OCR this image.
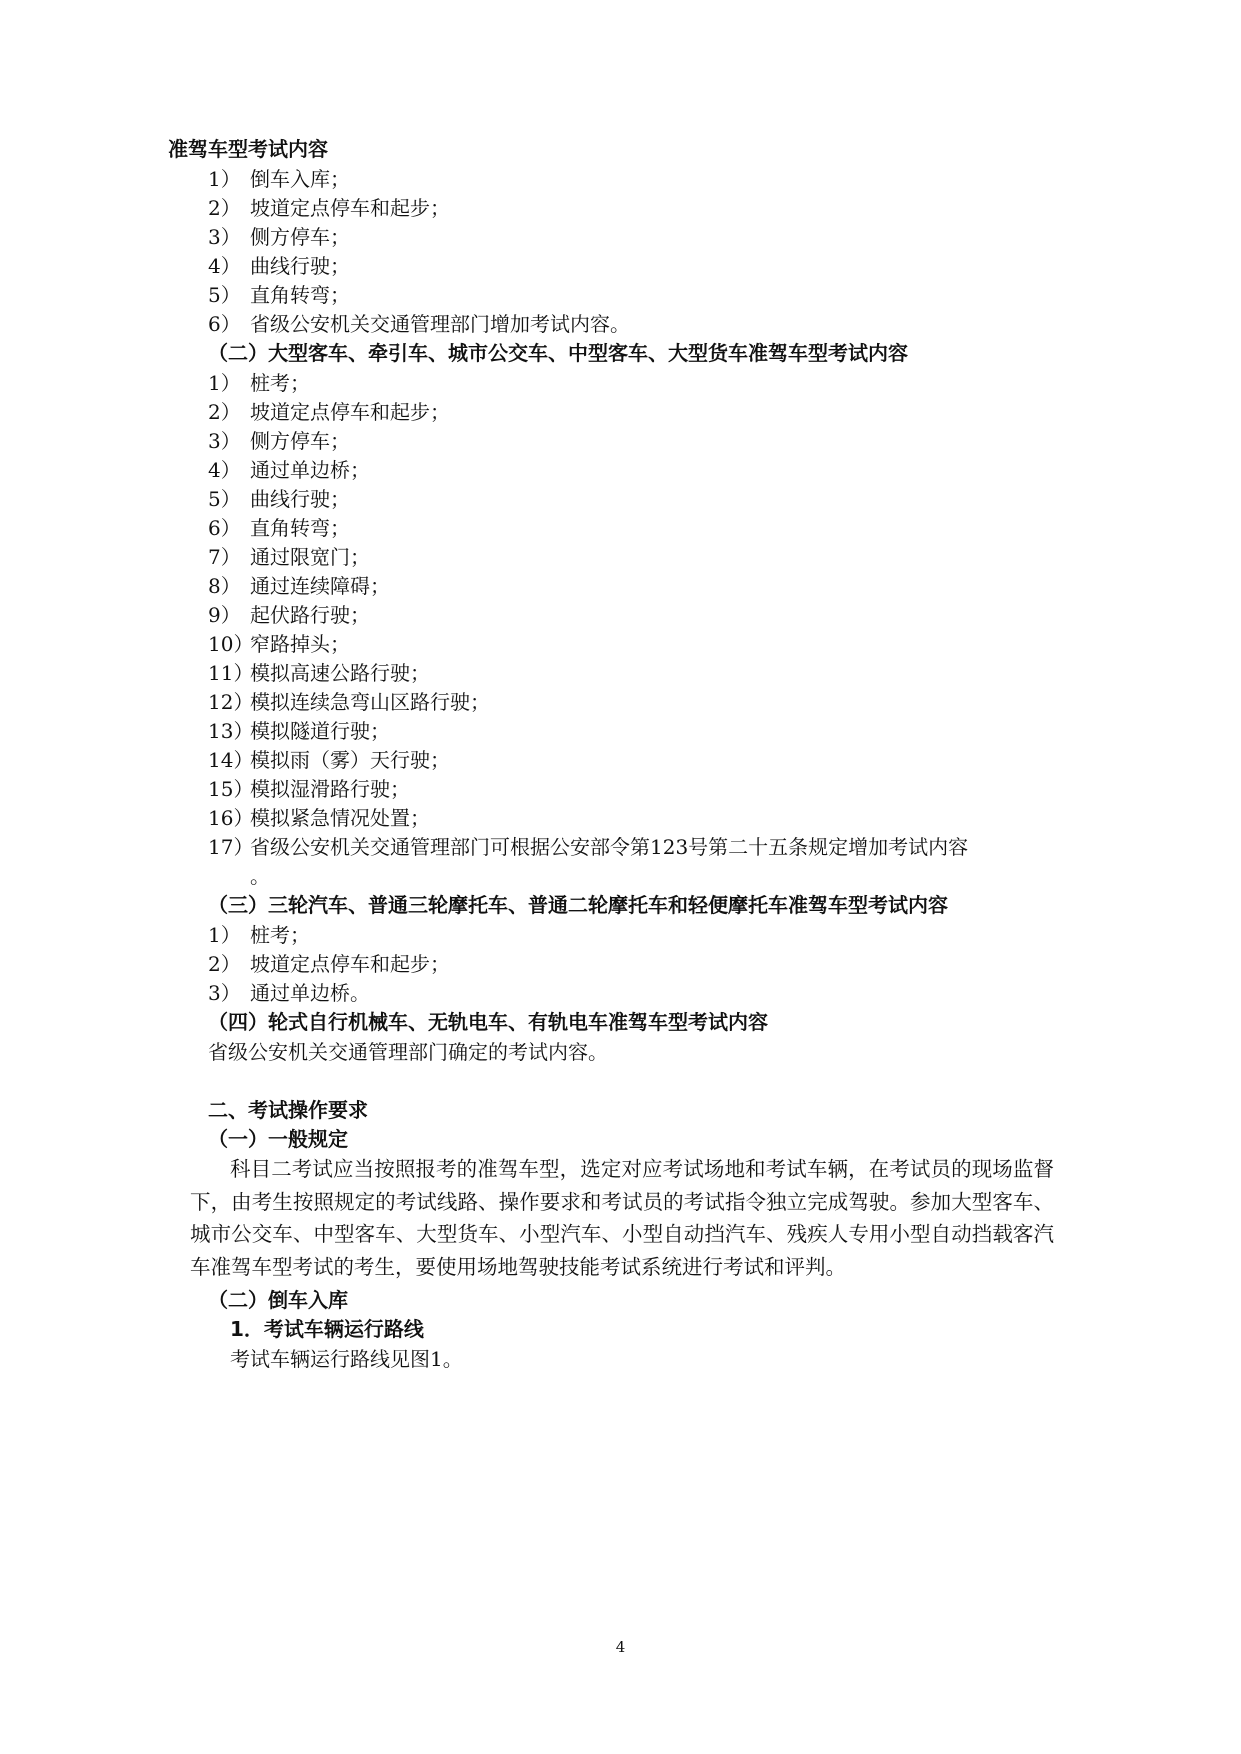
准驾车型考试内容
1） 倒车入库；
2） 坡道定点停车和起步；
3） 侧方停车；
4） 曲线行驶；
5） 直角转弯；
6） 省级公安机关交通管理部门增加考试内容。
（二）大型客车、牵引车、城市公交车、中型客车、大型货车准驾车型考试内容
1） 桩考；
2） 坡道定点停车和起步；
3） 侧方停车；
4） 通过单边桥；
5） 曲线行驶；
6） 直角转弯；
7） 通过限宽门；
8） 通过连续障碍；
9） 起伏路行驶；
10）窄路掉头；
11）模拟高速公路行驶；
12）模拟连续急弯山区路行驶；
13）模拟隧道行驶；
14）模拟雨（雾）天行驶；
15）模拟湿滑路行驶；
16）模拟紧急情况处置；
17）省级公安机关交通管理部门可根据公安部令第123号第二十五条规定增加考试内容
。
（三）三轮汽车、普通三轮摩托车、普通二轮摩托车和轻便摩托车准驾车型考试内容
1） 桩考；
2） 坡道定点停车和起步；
3） 通过单边桥。
（四）轮式自行机械车、无轨电车、有轨电车准驾车型考试内容
省级公安机关交通管理部门确定的考试内容。
二、考试操作要求
（一）一般规定
科目二考试应当按照报考的准驾车型，选定对应考试场地和考试车辆，在考试员的现场监督下，由考生按照规定的考试线路、操作要求和考试员的考试指令独立完成驾驶。参加大型客车、城市公交车、中型客车、大型货车、小型汽车、小型自动挡汽车、残疾人专用小型自动挡载客汽车准驾车型考试的考生，要使用场地驾驶技能考试系统进行考试和评判。
（二）倒车入库
1．考试车辆运行路线
考试车辆运行路线见图1。
4
